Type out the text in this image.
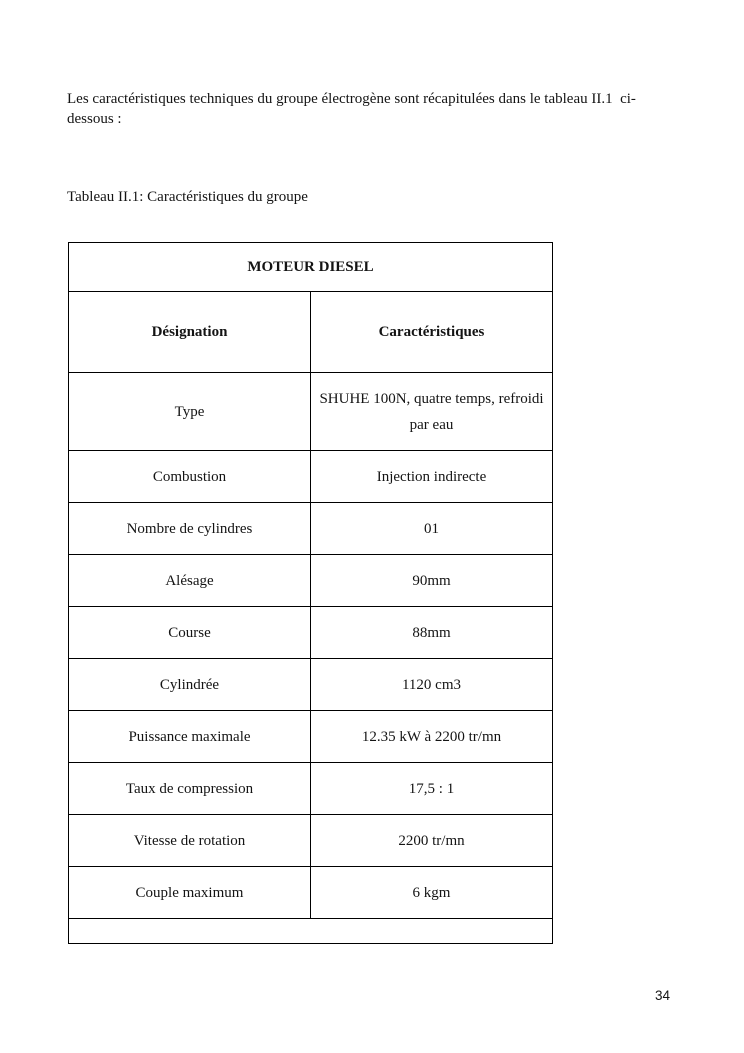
Les caractéristiques techniques du groupe électrogène sont récapitulées dans le tableau II.1  ci-
dessous :

Tableau II.1: Caractéristiques du groupe

MOTEUR DIESEL	
Désignation	Caractéristiques
Type	SHUHE 100N, quatre temps, refroidi par eau
Combustion	Injection indirecte
Nombre de cylindres	01
Alésage	90mm
Course	88mm
Cylindrée	1120 cm3
Puissance maximale	12.35 kW à 2200 tr/mn
Taux de compression	17,5 : 1
Vitesse de rotation	2200 tr/mn
Couple maximum	6 kgm

34
